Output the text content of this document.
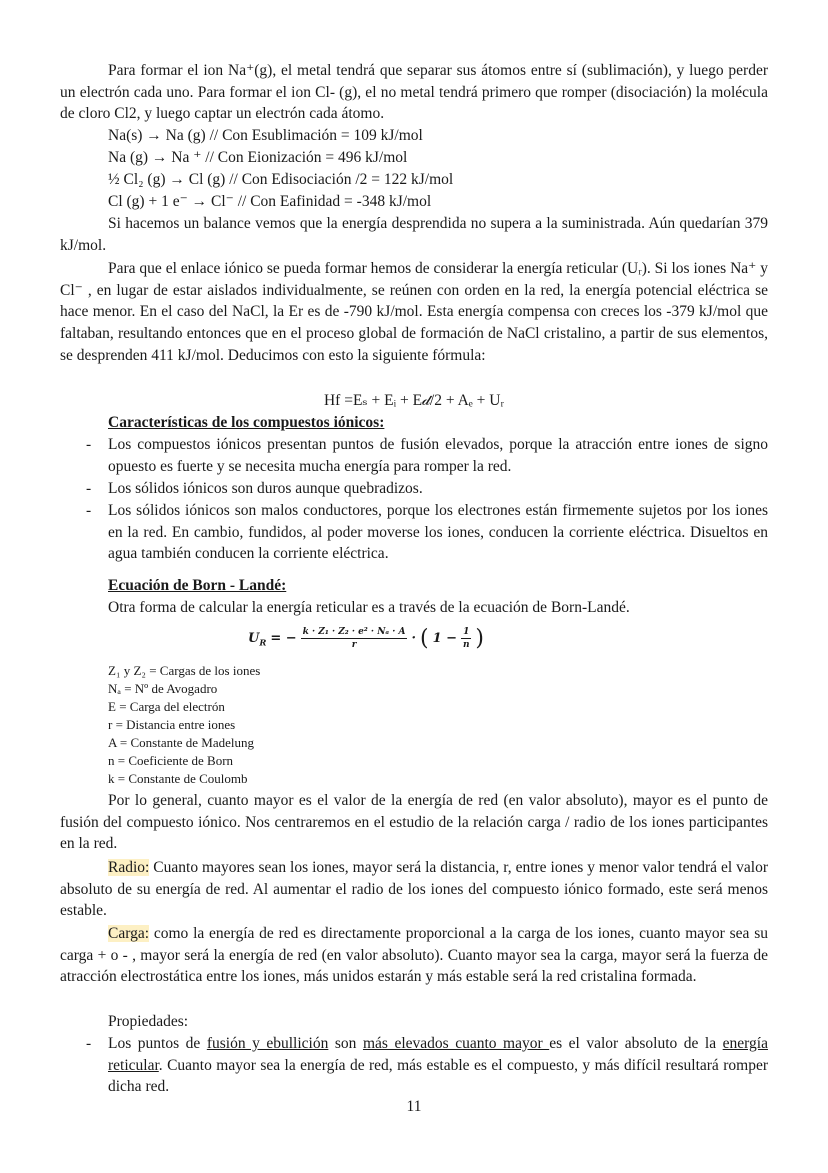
Para formar el ion Na⁺(g), el metal tendrá que separar sus átomos entre sí (sublimación), y luego perder un electrón cada uno. Para formar el ion Cl- (g), el no metal tendrá primero que romper (disociación) la molécula de cloro Cl2, y luego captar un electrón cada átomo.

Na(s) → Na (g) // Con Esublimación = 109 kJ/mol
Na (g) → Na ⁺ // Con Eionización = 496 kJ/mol
½ Cl₂ (g) → Cl (g) // Con Edisociación /2 = 122 kJ/mol
Cl (g) + 1 e⁻ → Cl⁻ // Con Eafinidad = -348 kJ/mol

Si hacemos un balance vemos que la energía desprendida no supera a la suministrada. Aún quedarían 379 kJ/mol.

Para que el enlace iónico se pueda formar hemos de considerar la energía reticular (Uᵣ). Si los iones Na⁺ y Cl⁻ , en lugar de estar aislados individualmente, se reúnen con orden en la red, la energía potencial eléctrica se hace menor. En el caso del NaCl, la Er es de -790 kJ/mol. Esta energía compensa con creces los -379 kJ/mol que faltaban, resultando entonces que en el proceso global de formación de NaCl cristalino, a partir de sus elementos, se desprenden 411 kJ/mol. Deducimos con esto la siguiente fórmula:

Hf =Eₛ + Eᵢ + E𝒹/2 + Aₑ + Uᵣ
Características de los compuestos iónicos:
- Los compuestos iónicos presentan puntos de fusión elevados, porque la atracción entre iones de signo opuesto es fuerte y se necesita mucha energía para romper la red.
- Los sólidos iónicos son duros aunque quebradizos.
- Los sólidos iónicos son malos conductores, porque los electrones están firmemente sujetos por los iones en la red. En cambio, fundidos, al poder moverse los iones, conducen la corriente eléctrica. Disueltos en agua también conducen la corriente eléctrica.
Ecuación de Born - Landé:
Otra forma de calcular la energía reticular es a través de la ecuación de Born-Landé.
$U_R$ = − $\frac{\text{k · Z₁ · Z₂ · e² · Nₐ · A}}{r}$ · ( $1 - \frac{1}{n}$ )
Z₁ y Z₂ = Cargas de los iones
Nₐ = Nº de Avogadro
E = Carga del electrón
r = Distancia entre iones
A = Constante de Madelung
n = Coeficiente de Born
k = Constante de Coulomb

Por lo general, cuanto mayor es el valor de la energía de red (en valor absoluto), mayor es el punto de fusión del compuesto iónico. Nos centraremos en el estudio de la relación carga / radio de los iones participantes en la red.

Radio: Cuanto mayores sean los iones, mayor será la distancia, r, entre iones y menor valor tendrá el valor absoluto de su energía de red. Al aumentar el radio de los iones del compuesto iónico formado, este será menos estable.

Carga: como la energía de red es directamente proporcional a la carga de los iones, cuanto mayor sea su carga + o - , mayor será la energía de red (en valor absoluto). Cuanto mayor sea la carga, mayor será la fuerza de atracción electrostática entre los iones, más unidos estarán y más estable será la red cristalina formada.

Propiedades:
- Los puntos de fusión y ebullición son más elevados cuanto mayor es el valor absoluto de la energía reticular. Cuanto mayor sea la energía de red, más estable es el compuesto, y más difícil resultará romper dicha red.
11
